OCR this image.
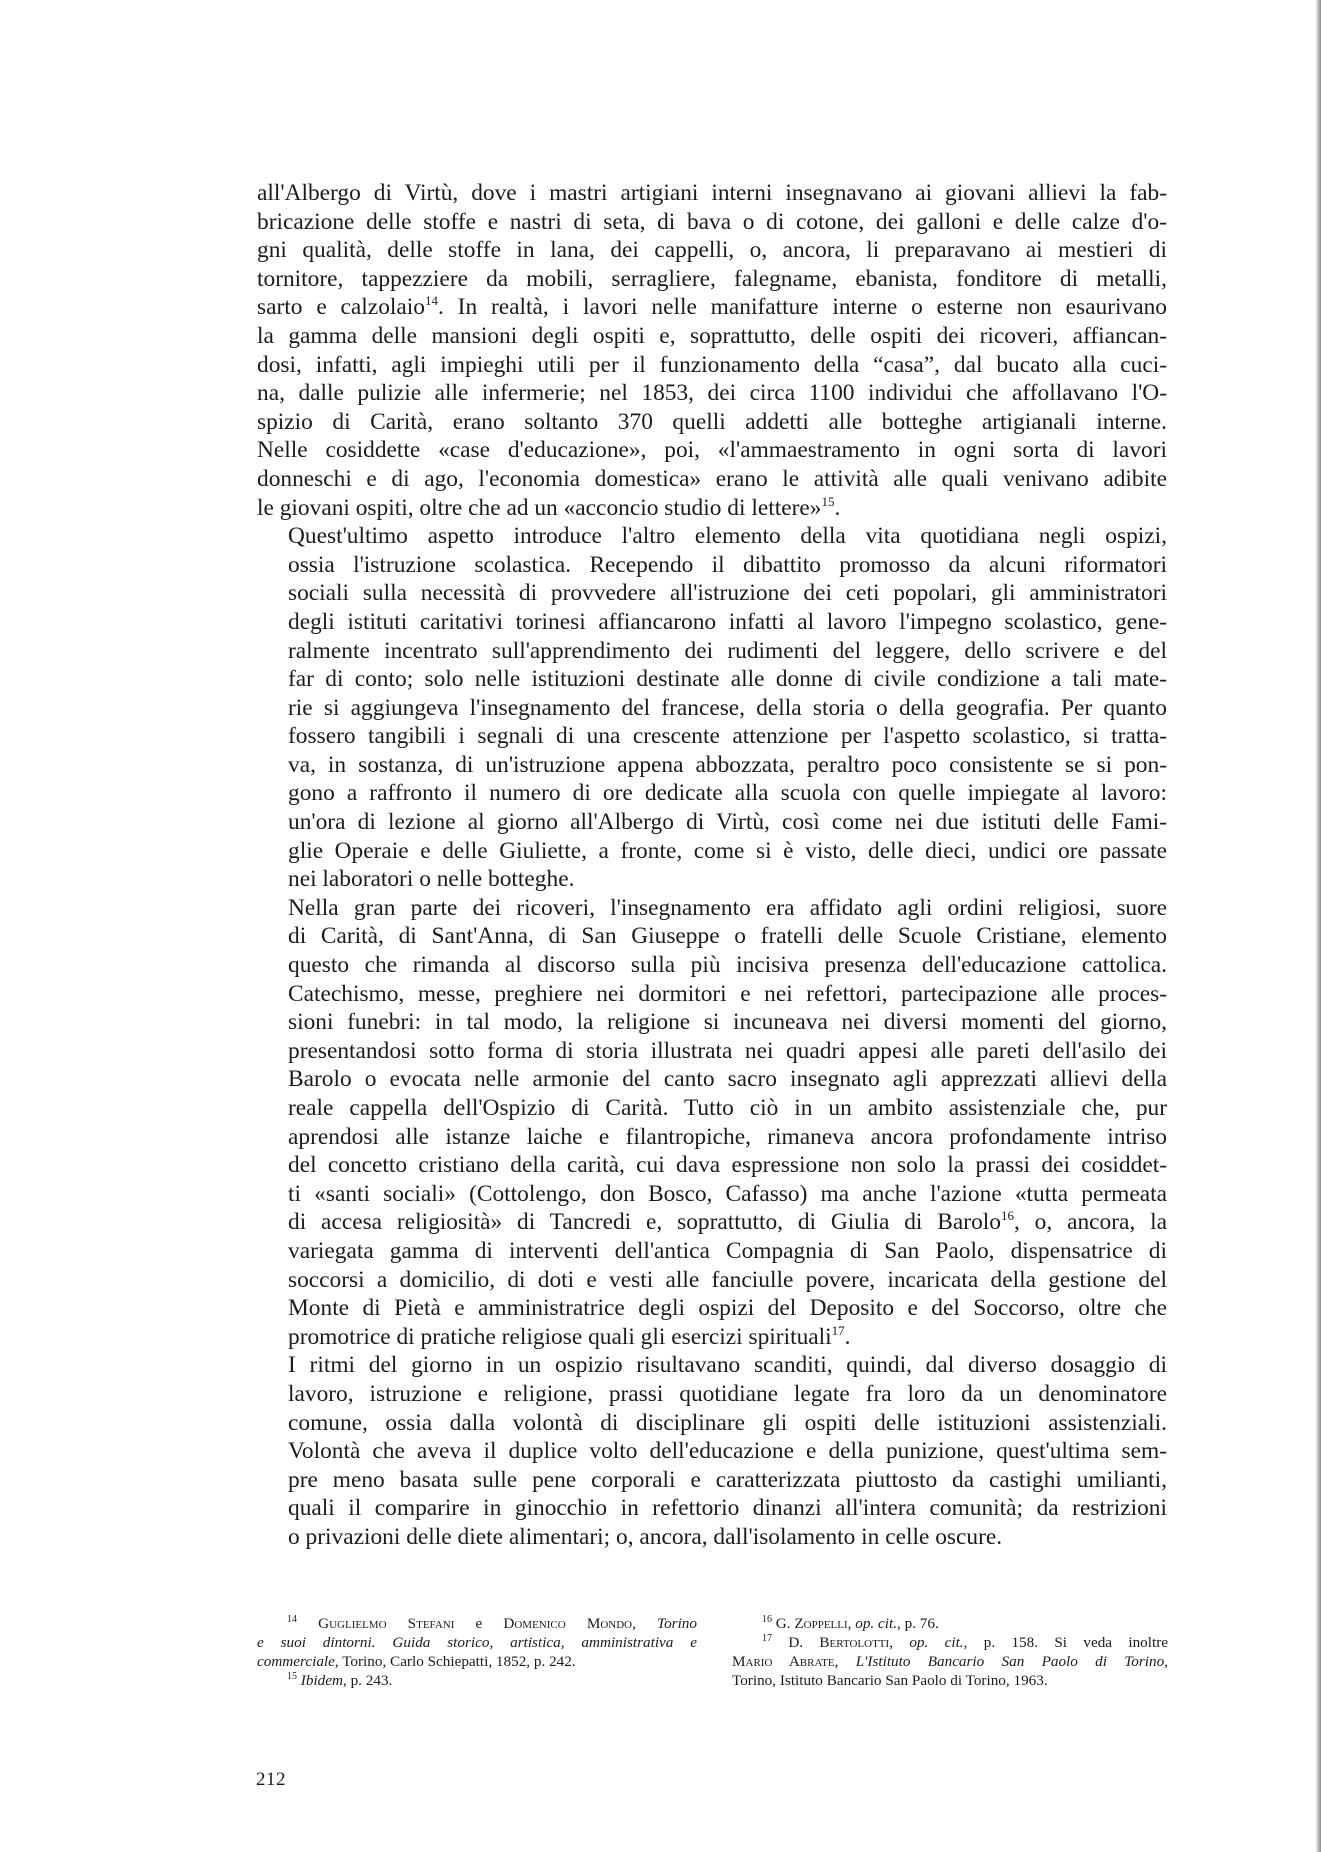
all'Albergo di Virtù, dove i mastri artigiani interni insegnavano ai giovani allievi la fab-
bricazione delle stoffe e nastri di seta, di bava o di cotone, dei galloni e delle calze d'o-
gni qualità, delle stoffe in lana, dei cappelli, o, ancora, li preparavano ai mestieri di
tornitore, tappezziere da mobili, serragliere, falegname, ebanista, fonditore di metalli,
sarto e calzolaio$^{14}$. In realtà, i lavori nelle manifatture interne o esterne non esaurivano
la gamma delle mansioni degli ospiti e, soprattutto, delle ospiti dei ricoveri, affiancan-
dosi, infatti, agli impieghi utili per il funzionamento della “casa”, dal bucato alla cuci-
na, dalle pulizie alle infermerie; nel 1853, dei circa 1100 individui che affollavano l'O-
spizio di Carità, erano soltanto 370 quelli addetti alle botteghe artigianali interne.
Nelle cosiddette «case d'educazione», poi, «l'ammaestramento in ogni sorta di lavori
donneschi e di ago, l'economia domestica» erano le attività alle quali venivano adibite
le giovani ospiti, oltre che ad un «acconcio studio di lettere»$^{15}$.

Quest'ultimo aspetto introduce l'altro elemento della vita quotidiana negli ospizi,
ossia l'istruzione scolastica. Recependo il dibattito promosso da alcuni riformatori
sociali sulla necessità di provvedere all'istruzione dei ceti popolari, gli amministratori
degli istituti caritativi torinesi affiancarono infatti al lavoro l'impegno scolastico, gene-
ralmente incentrato sull'apprendimento dei rudimenti del leggere, dello scrivere e del
far di conto; solo nelle istituzioni destinate alle donne di civile condizione a tali mate-
rie si aggiungeva l'insegnamento del francese, della storia o della geografia. Per quanto
fossero tangibili i segnali di una crescente attenzione per l'aspetto scolastico, si tratta-
va, in sostanza, di un'istruzione appena abbozzata, peraltro poco consistente se si pon-
gono a raffronto il numero di ore dedicate alla scuola con quelle impiegate al lavoro:
un'ora di lezione al giorno all'Albergo di Virtù, così come nei due istituti delle Fami-
glie Operaie e delle Giuliette, a fronte, come si è visto, delle dieci, undici ore passate
nei laboratori o nelle botteghe.

Nella gran parte dei ricoveri, l'insegnamento era affidato agli ordini religiosi, suore
di Carità, di Sant'Anna, di San Giuseppe o fratelli delle Scuole Cristiane, elemento
questo che rimanda al discorso sulla più incisiva presenza dell'educazione cattolica.
Catechismo, messe, preghiere nei dormitori e nei refettori, partecipazione alle proces-
sioni funebri: in tal modo, la religione si incuneava nei diversi momenti del giorno,
presentandosi sotto forma di storia illustrata nei quadri appesi alle pareti dell'asilo dei
Barolo o evocata nelle armonie del canto sacro insegnato agli apprezzati allievi della
reale cappella dell'Ospizio di Carità. Tutto ciò in un ambito assistenziale che, pur
aprendosi alle istanze laiche e filantropiche, rimaneva ancora profondamente intriso
del concetto cristiano della carità, cui dava espressione non solo la prassi dei cosiddet-
ti «santi sociali» (Cottolengo, don Bosco, Cafasso) ma anche l'azione «tutta permeata
di accesa religiosità» di Tancredi e, soprattutto, di Giulia di Barolo$^{16}$, o, ancora, la
variegata gamma di interventi dell'antica Compagnia di San Paolo, dispensatrice di
soccorsi a domicilio, di doti e vesti alle fanciulle povere, incaricata della gestione del
Monte di Pietà e amministratrice degli ospizi del Deposito e del Soccorso, oltre che
promotrice di pratiche religiose quali gli esercizi spirituali$^{17}$.

I ritmi del giorno in un ospizio risultavano scanditi, quindi, dal diverso dosaggio di
lavoro, istruzione e religione, prassi quotidiane legate fra loro da un denominatore
comune, ossia dalla volontà di disciplinare gli ospiti delle istituzioni assistenziali.
Volontà che aveva il duplice volto dell'educazione e della punizione, quest'ultima sem-
pre meno basata sulle pene corporali e caratterizzata piuttosto da castighi umilianti,
quali il comparire in ginocchio in refettorio dinanzi all'intera comunità; da restrizioni
o privazioni delle diete alimentari; o, ancora, dall'isolamento in celle oscure.

$^{14}$ Guglielmo Stefani e Domenico Mondo, Torino
e suoi dintorni. Guida storico, artistica, amministrativa e
commerciale, Torino, Carlo Schiepatti, 1852, p. 242.

$^{15}$ Ibidem, p. 243.

$^{16}$ G. Zoppelli, op. cit., p. 76.

$^{17}$ D. Bertolotti, op. cit., p. 158. Si veda inoltre
Mario Abrate, L'Istituto Bancario San Paolo di Torino,
Torino, Istituto Bancario San Paolo di Torino, 1963.

212
